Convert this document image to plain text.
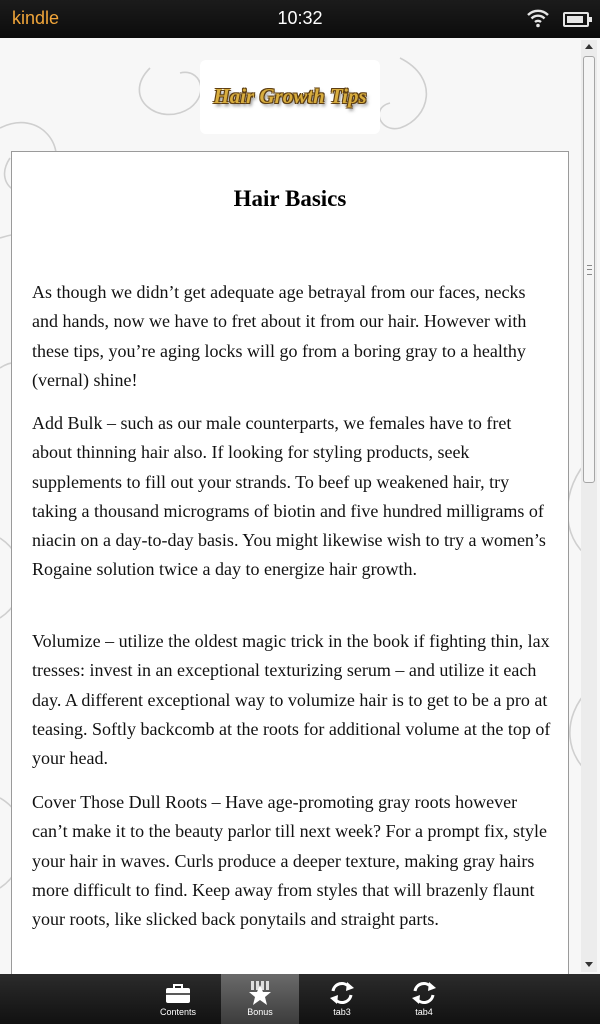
kindle	10:32
Hair Growth Tips
Hair Basics

As though we didn’t get adequate age betrayal from our faces, necks and hands, now we have to fret about it from our hair. However with these tips, you’re aging locks will go from a boring gray to a healthy (vernal) shine!

Add Bulk – such as our male counterparts, we females have to fret about thinning hair also. If looking for styling products, seek supplements to fill out your strands. To beef up weakened hair, try taking a thousand micrograms of biotin and five hundred milligrams of niacin on a day-to-day basis. You might likewise wish to try a women’s Rogaine solution twice a day to energize hair growth.

Volumize – utilize the oldest magic trick in the book if fighting thin, lax tresses: invest in an exceptional texturizing serum – and utilize it each day. A different exceptional way to volumize hair is to get to be a pro at teasing. Softly backcomb at the roots for additional volume at the top of your head.

Cover Those Dull Roots – Have age-promoting gray roots however can’t make it to the beauty parlor till next week? For a prompt fix, style your hair in waves. Curls produce a deeper texture, making gray hairs more difficult to find. Keep away from styles that will brazenly flaunt your roots, like slicked back ponytails and straight parts.

Contents	Bonus	tab3	tab4
